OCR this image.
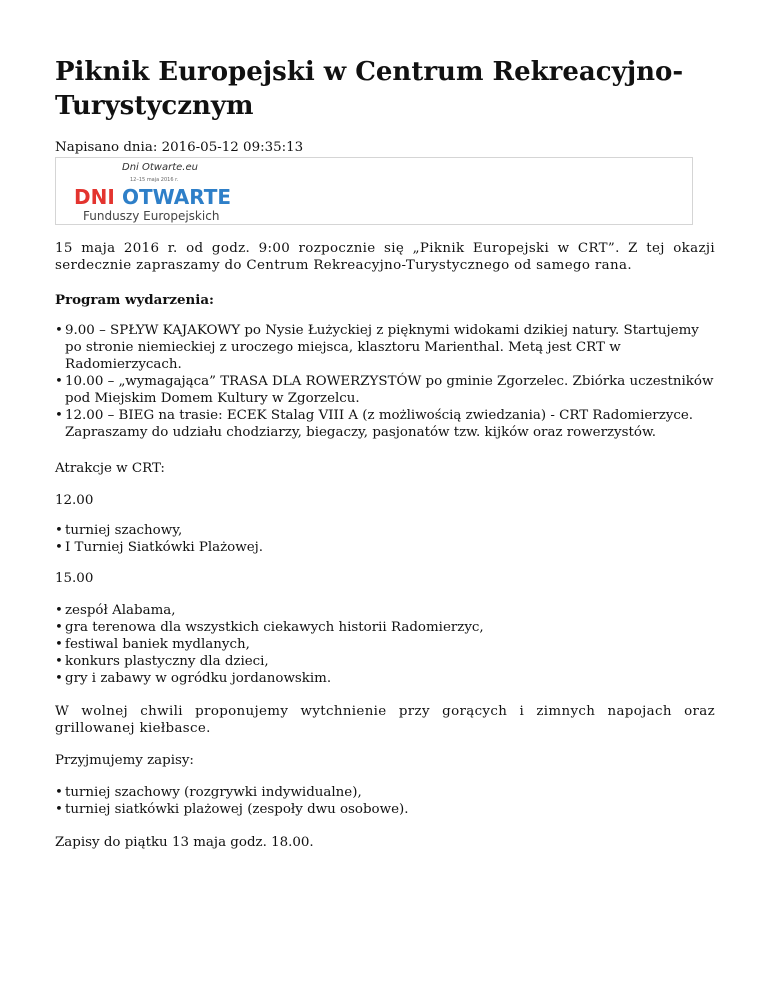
Piknik Europejski w Centrum Rekreacyjno-Turystycznym
Napisano dnia: 2016-05-12 09:35:13
Dni Otwarte.eu
12–15 maja 2016 r.
DNI OTWARTE
Funduszy Europejskich

15 maja 2016 r. od godz. 9:00 rozpocznie się „Piknik Europejski w CRT”. Z tej okazji serdecznie zapraszamy do Centrum Rekreacyjno-Turystycznego od samego rana.

Program wydarzenia:

• 9.00 – SPŁYW KAJAKOWY po Nysie Łużyckiej z pięknymi widokami dzikiej natury. Startujemy po stronie niemieckiej z uroczego miejsca, klasztoru Marienthal. Metą jest CRT w Radomierzycach.
• 10.00 – „wymagająca” TRASA DLA ROWERZYSTÓW po gminie Zgorzelec. Zbiórka uczestników pod Miejskim Domem Kultury w Zgorzelcu.
• 12.00 – BIEG na trasie: ECEK Stalag VIII A (z możliwością zwiedzania) - CRT Radomierzyce. Zapraszamy do udziału chodziarzy, biegaczy, pasjonatów tzw. kijków oraz rowerzystów.

Atrakcje w CRT:

12.00

• turniej szachowy,
• I Turniej Siatkówki Plażowej.

15.00

• zespół Alabama,
• gra terenowa dla wszystkich ciekawych historii Radomierzyc,
• festiwal baniek mydlanych,
• konkurs plastyczny dla dzieci,
• gry i zabawy w ogródku jordanowskim.

W wolnej chwili proponujemy wytchnienie przy gorących i zimnych napojach oraz grillowanej kiełbasce.

Przyjmujemy zapisy:

• turniej szachowy (rozgrywki indywidualne),
• turniej siatkówki plażowej (zespoły dwu osobowe).

Zapisy do piątku 13 maja godz. 18.00.
